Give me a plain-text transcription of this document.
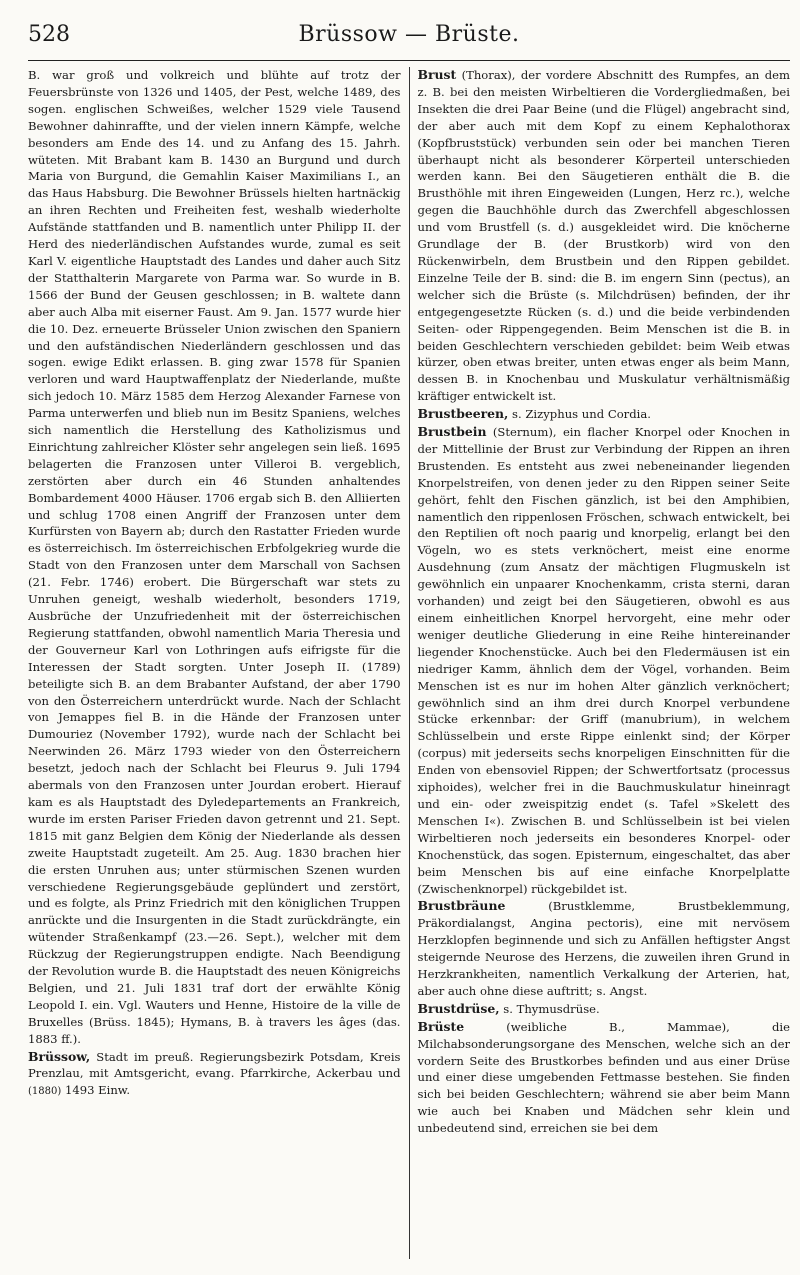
528	Brüssow — Brüste.

B. war groß und volkreich und blühte auf trotz der Feuersbrünste von 1326 und 1405, der Pest, welche 1489, des sogen. englischen Schweißes, welcher 1529 viele Tausend Bewohner dahinraffte, und der vielen innern Kämpfe, welche besonders am Ende des 14. und zu Anfang des 15. Jahrh. wüteten. Mit Brabant kam B. 1430 an Burgund und durch Maria von Burgund, die Gemahlin Kaiser Maximilians I., an das Haus Habsburg. Die Bewohner Brüssels hielten hartnäckig an ihren Rechten und Freiheiten fest, weshalb wiederholte Aufstände stattfanden und B. namentlich unter Philipp II. der Herd des niederländischen Aufstandes wurde, zumal es seit Karl V. eigentliche Hauptstadt des Landes und daher auch Sitz der Statthalterin Margarete von Parma war. So wurde in B. 1566 der Bund der Geusen geschlossen; in B. waltete dann aber auch Alba mit eiserner Faust. Am 9. Jan. 1577 wurde hier die 10. Dez. erneuerte Brüsseler Union zwischen den Spaniern und den aufständischen Niederländern geschlossen und das sogen. ewige Edikt erlassen. B. ging zwar 1578 für Spanien verloren und ward Hauptwaffenplatz der Niederlande, mußte sich jedoch 10. März 1585 dem Herzog Alexander Farnese von Parma unterwerfen und blieb nun im Besitz Spaniens, welches sich namentlich die Herstellung des Katholizismus und Einrichtung zahlreicher Klöster sehr angelegen sein ließ. 1695 belagerten die Franzosen unter Villeroi B. vergeblich, zerstörten aber durch ein 46 Stunden anhaltendes Bombardement 4000 Häuser. 1706 ergab sich B. den Alliierten und schlug 1708 einen Angriff der Franzosen unter dem Kurfürsten von Bayern ab; durch den Rastatter Frieden wurde es österreichisch. Im österreichischen Erbfolgekrieg wurde die Stadt von den Franzosen unter dem Marschall von Sachsen (21. Febr. 1746) erobert. Die Bürgerschaft war stets zu Unruhen geneigt, weshalb wiederholt, besonders 1719, Ausbrüche der Unzufriedenheit mit der österreichischen Regierung stattfanden, obwohl namentlich Maria Theresia und der Gouverneur Karl von Lothringen aufs eifrigste für die Interessen der Stadt sorgten. Unter Joseph II. (1789) beteiligte sich B. an dem Brabanter Aufstand, der aber 1790 von den Österreichern unterdrückt wurde. Nach der Schlacht von Jemappes fiel B. in die Hände der Franzosen unter Dumouriez (November 1792), wurde nach der Schlacht bei Neerwinden 26. März 1793 wieder von den Österreichern besetzt, jedoch nach der Schlacht bei Fleurus 9. Juli 1794 abermals von den Franzosen unter Jourdan erobert. Hierauf kam es als Hauptstadt des Dyledepartements an Frankreich, wurde im ersten Pariser Frieden davon getrennt und 21. Sept. 1815 mit ganz Belgien dem König der Niederlande als dessen zweite Hauptstadt zugeteilt. Am 25. Aug. 1830 brachen hier die ersten Unruhen aus; unter stürmischen Szenen wurden verschiedene Regierungsgebäude geplündert und zerstört, und es folgte, als Prinz Friedrich mit den königlichen Truppen anrückte und die Insurgenten in die Stadt zurückdrängte, ein wütender Straßenkampf (23.—26. Sept.), welcher mit dem Rückzug der Regierungstruppen endigte. Nach Beendigung der Revolution wurde B. die Hauptstadt des neuen Königreichs Belgien, und 21. Juli 1831 traf dort der erwählte König Leopold I. ein. Vgl. Wauters und Henne, Histoire de la ville de Bruxelles (Brüss. 1845); Hymans, B. à travers les âges (das. 1883 ff.).

Brüssow, Stadt im preuß. Regierungsbezirk Potsdam, Kreis Prenzlau, mit Amtsgericht, evang. Pfarrkirche, Ackerbau und (1880) 1493 Einw.

Brust (Thorax), der vordere Abschnitt des Rumpfes, an dem z. B. bei den meisten Wirbeltieren die Vordergliedmaßen, bei Insekten die drei Paar Beine (und die Flügel) angebracht sind, der aber auch mit dem Kopf zu einem Kephalothorax (Kopfbruststück) verbunden sein oder bei manchen Tieren überhaupt nicht als besonderer Körperteil unterschieden werden kann. Bei den Säugetieren enthält die B. die Brusthöhle mit ihren Eingeweiden (Lungen, Herz rc.), welche gegen die Bauchhöhle durch das Zwerchfell abgeschlossen und vom Brustfell (s. d.) ausgekleidet wird. Die knöcherne Grundlage der B. (der Brustkorb) wird von den Rückenwirbeln, dem Brustbein und den Rippen gebildet. Einzelne Teile der B. sind: die B. im engern Sinn (pectus), an welcher sich die Brüste (s. Milchdrüsen) befinden, der ihr entgegengesetzte Rücken (s. d.) und die beide verbindenden Seiten- oder Rippengegenden. Beim Menschen ist die B. in beiden Geschlechtern verschieden gebildet: beim Weib etwas kürzer, oben etwas breiter, unten etwas enger als beim Mann, dessen B. in Knochenbau und Muskulatur verhältnismäßig kräftiger entwickelt ist.

Brustbeeren, s. Zizyphus und Cordia.

Brustbein (Sternum), ein flacher Knorpel oder Knochen in der Mittellinie der Brust zur Verbindung der Rippen an ihren Brustenden. Es entsteht aus zwei nebeneinander liegenden Knorpelstreifen, von denen jeder zu den Rippen seiner Seite gehört, fehlt den Fischen gänzlich, ist bei den Amphibien, namentlich den rippenlosen Fröschen, schwach entwickelt, bei den Reptilien oft noch paarig und knorpelig, erlangt bei den Vögeln, wo es stets verknöchert, meist eine enorme Ausdehnung (zum Ansatz der mächtigen Flugmuskeln ist gewöhnlich ein unpaarer Knochenkamm, crista sterni, daran vorhanden) und zeigt bei den Säugetieren, obwohl es aus einem einheitlichen Knorpel hervorgeht, eine mehr oder weniger deutliche Gliederung in eine Reihe hintereinander liegender Knochenstücke. Auch bei den Fledermäusen ist ein niedriger Kamm, ähnlich dem der Vögel, vorhanden. Beim Menschen ist es nur im hohen Alter gänzlich verknöchert; gewöhnlich sind an ihm drei durch Knorpel verbundene Stücke erkennbar: der Griff (manubrium), in welchem Schlüsselbein und erste Rippe einlenkt sind; der Körper (corpus) mit jederseits sechs knorpeligen Einschnitten für die Enden von ebensoviel Rippen; der Schwertfortsatz (processus xiphoides), welcher frei in die Bauchmuskulatur hineinragt und ein- oder zweispitzig endet (s. Tafel »Skelett des Menschen I«). Zwischen B. und Schlüsselbein ist bei vielen Wirbeltieren noch jederseits ein besonderes Knorpel- oder Knochenstück, das sogen. Episternum, eingeschaltet, das aber beim Menschen bis auf eine einfache Knorpelplatte (Zwischenknorpel) rückgebildet ist.

Brustbräune (Brustklemme, Brustbeklemmung, Präkordialangst, Angina pectoris), eine mit nervösem Herzklopfen beginnende und sich zu Anfällen heftigster Angst steigernde Neurose des Herzens, die zuweilen ihren Grund in Herzkrankheiten, namentlich Verkalkung der Arterien, hat, aber auch ohne diese auftritt; s. Angst.

Brustdrüse, s. Thymusdrüse.

Brüste (weibliche B., Mammae), die Milchabsonderungsorgane des Menschen, welche sich an der vordern Seite des Brustkorbes befinden und aus einer Drüse und einer diese umgebenden Fettmasse bestehen. Sie finden sich bei beiden Geschlechtern; während sie aber beim Mann wie auch bei Knaben und Mädchen sehr klein und unbedeutend sind, erreichen sie bei dem
